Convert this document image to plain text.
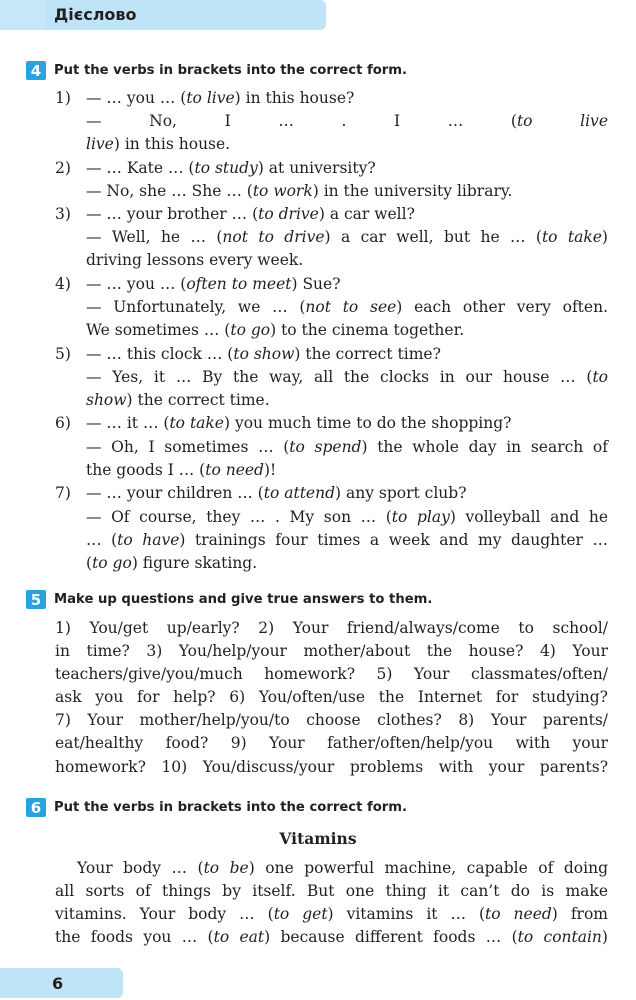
Дієслово
4 Put the verbs in brackets into the correct form.
1)
2)
3)
4)
5)
6)
7)
— … you … (to live) in this house?
— No, I … . I … (to live
live) in this house.
— … Kate … (to study) at university?
— No, she … She … (to work) in the university library.
— … your brother … (to drive) a car well?
— Well, he … (not to drive) a car well, but he … (to take)
driving lessons every week.
— … you … (often to meet) Sue?
— Unfortunately, we … (not to see) each other very often.
We sometimes … (to go) to the cinema together.
— … this clock … (to show) the correct time?
— Yes, it … By the way, all the clocks in our house … (to
show) the correct time.
— … it … (to take) you much time to do the shopping?
— Oh, I sometimes … (to spend) the whole day in search of
the goods I … (to need)!
— … your children … (to attend) any sport club?
— Of course, they … . My son … (to play) volleyball and he
… (to have) trainings four times a week and my daughter …
(to go) figure skating.
5 Make up questions and give true answers to them.
1) You/get up/early? 2) Your friend/always/come to school/
in time? 3) You/help/your mother/about the house? 4) Your
teachers/give/you/much homework? 5) Your classmates/often/
ask you for help? 6) You/often/use the Internet for studying?
7) Your mother/help/you/to choose clothes? 8) Your parents/
eat/healthy food? 9) Your father/often/help/you with your
homework? 10) You/discuss/your problems with your parents?
6 Put the verbs in brackets into the correct form.
Vitamins
Your body … (to be) one powerful machine, capable of doing
all sorts of things by itself. But one thing it can’t do is make
vitamins. Your body … (to get) vitamins it … (to need) from
the foods you … (to eat) because different foods … (to contain)
6
